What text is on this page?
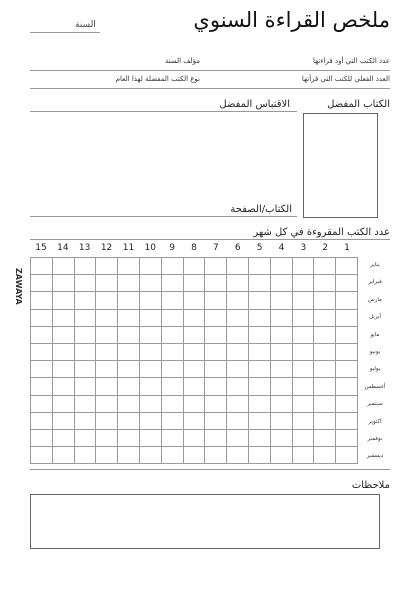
ملخص القراءة السنوي
السنة
عدد الكتب التي أود قراءتها
مؤلف السنة
العدد الفعلي للكتب التي قرأتها
نوع الكتب المفضلة لهذا العام
الكتاب المفضل
الاقتباس المفضل
الكتاب/الصفحة
عدد الكتب المقروءة في كل شهر
ZAWAYA
15	14	13	12	11	10	9	8	7	6	5	4	3	2	1

يناير
فبراير
مارس
أبريل
مايو
يونيو
يوليو
أغسطس
سبتمبر
أكتوبر
نوفمبر
ديسمبر
ملاحظات
